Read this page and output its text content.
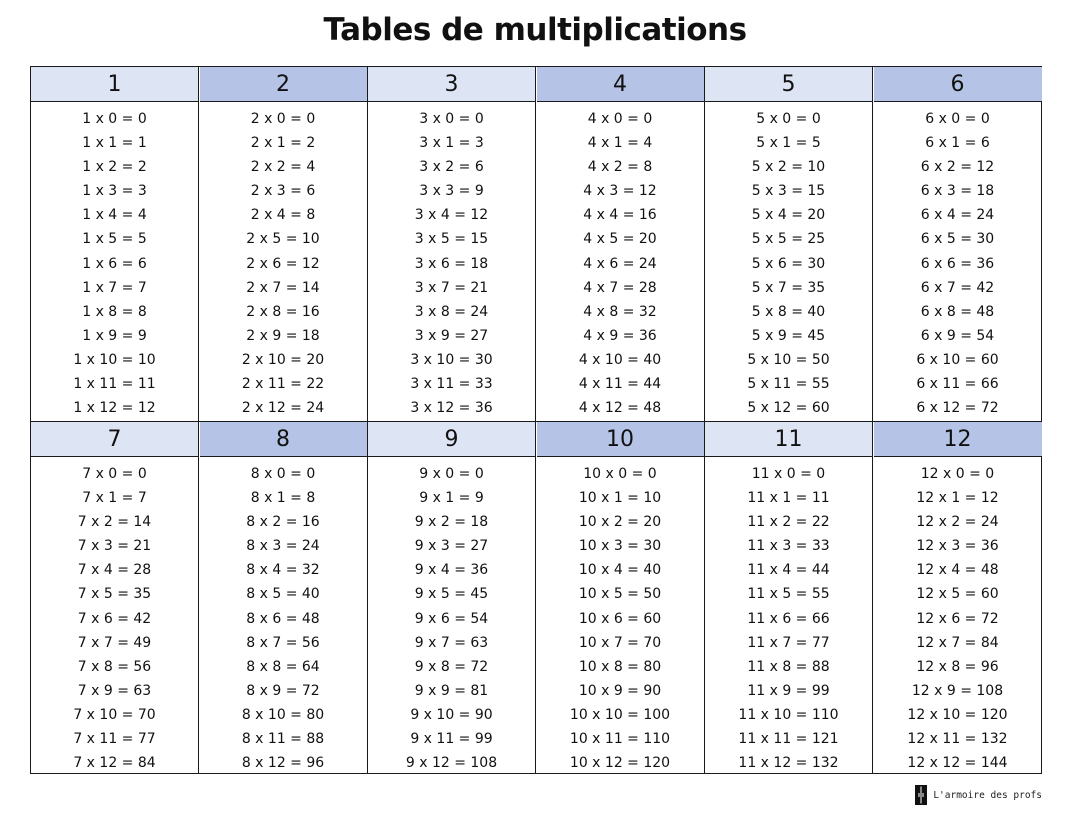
Tables de multiplications
1
1 x 0 = 0
1 x 1 = 1
1 x 2 = 2
1 x 3 = 3
1 x 4 = 4
1 x 5 = 5
1 x 6 = 6
1 x 7 = 7
1 x 8 = 8
1 x 9 = 9
1 x 10 = 10
1 x 11 = 11
1 x 12 = 12
2
2 x 0 = 0
2 x 1 = 2
2 x 2 = 4
2 x 3 = 6
2 x 4 = 8
2 x 5 = 10
2 x 6 = 12
2 x 7 = 14
2 x 8 = 16
2 x 9 = 18
2 x 10 = 20
2 x 11 = 22
2 x 12 = 24
3
3 x 0 = 0
3 x 1 = 3
3 x 2 = 6
3 x 3 = 9
3 x 4 = 12
3 x 5 = 15
3 x 6 = 18
3 x 7 = 21
3 x 8 = 24
3 x 9 = 27
3 x 10 = 30
3 x 11 = 33
3 x 12 = 36
4
4 x 0 = 0
4 x 1 = 4
4 x 2 = 8
4 x 3 = 12
4 x 4 = 16
4 x 5 = 20
4 x 6 = 24
4 x 7 = 28
4 x 8 = 32
4 x 9 = 36
4 x 10 = 40
4 x 11 = 44
4 x 12 = 48
5
5 x 0 = 0
5 x 1 = 5
5 x 2 = 10
5 x 3 = 15
5 x 4 = 20
5 x 5 = 25
5 x 6 = 30
5 x 7 = 35
5 x 8 = 40
5 x 9 = 45
5 x 10 = 50
5 x 11 = 55
5 x 12 = 60
6
6 x 0 = 0
6 x 1 = 6
6 x 2 = 12
6 x 3 = 18
6 x 4 = 24
6 x 5 = 30
6 x 6 = 36
6 x 7 = 42
6 x 8 = 48
6 x 9 = 54
6 x 10 = 60
6 x 11 = 66
6 x 12 = 72
7
7 x 0 = 0
7 x 1 = 7
7 x 2 = 14
7 x 3 = 21
7 x 4 = 28
7 x 5 = 35
7 x 6 = 42
7 x 7 = 49
7 x 8 = 56
7 x 9 = 63
7 x 10 = 70
7 x 11 = 77
7 x 12 = 84
8
8 x 0 = 0
8 x 1 = 8
8 x 2 = 16
8 x 3 = 24
8 x 4 = 32
8 x 5 = 40
8 x 6 = 48
8 x 7 = 56
8 x 8 = 64
8 x 9 = 72
8 x 10 = 80
8 x 11 = 88
8 x 12 = 96
9
9 x 0 = 0
9 x 1 = 9
9 x 2 = 18
9 x 3 = 27
9 x 4 = 36
9 x 5 = 45
9 x 6 = 54
9 x 7 = 63
9 x 8 = 72
9 x 9 = 81
9 x 10 = 90
9 x 11 = 99
9 x 12 = 108
10
10 x 0 = 0
10 x 1 = 10
10 x 2 = 20
10 x 3 = 30
10 x 4 = 40
10 x 5 = 50
10 x 6 = 60
10 x 7 = 70
10 x 8 = 80
10 x 9 = 90
10 x 10 = 100
10 x 11 = 110
10 x 12 = 120
11
11 x 0 = 0
11 x 1 = 11
11 x 2 = 22
11 x 3 = 33
11 x 4 = 44
11 x 5 = 55
11 x 6 = 66
11 x 7 = 77
11 x 8 = 88
11 x 9 = 99
11 x 10 = 110
11 x 11 = 121
11 x 12 = 132
12
12 x 0 = 0
12 x 1 = 12
12 x 2 = 24
12 x 3 = 36
12 x 4 = 48
12 x 5 = 60
12 x 6 = 72
12 x 7 = 84
12 x 8 = 96
12 x 9 = 108
12 x 10 = 120
12 x 11 = 132
12 x 12 = 144
L'armoire des profs
